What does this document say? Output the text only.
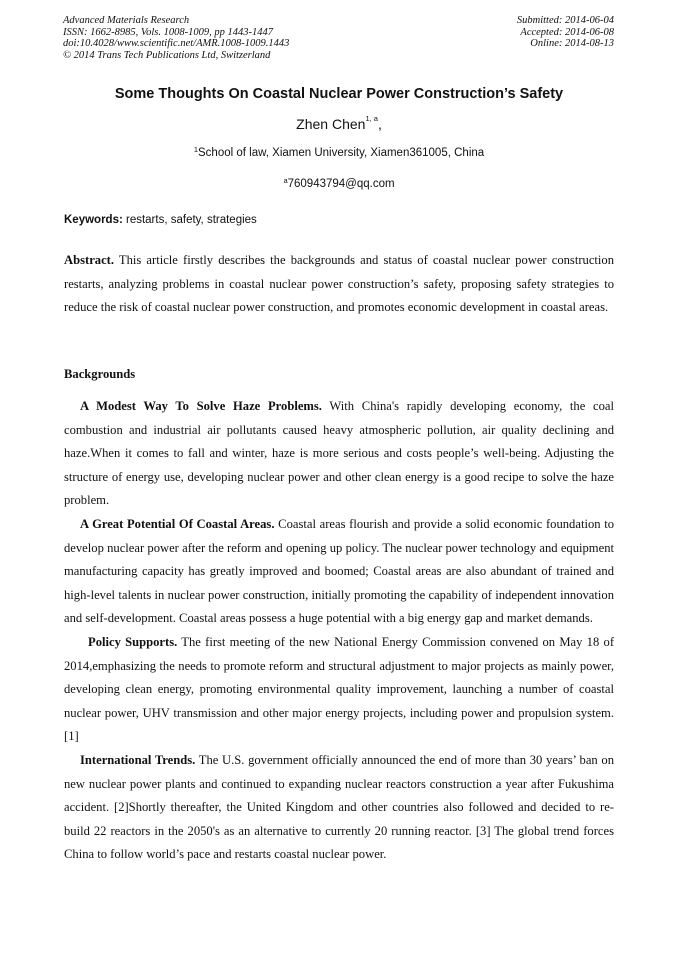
Advanced Materials Research
ISSN: 1662-8985, Vols. 1008-1009, pp 1443-1447
doi:10.4028/www.scientific.net/AMR.1008-1009.1443
© 2014 Trans Tech Publications Ltd, Switzerland
Submitted: 2014-06-04
Accepted: 2014-06-08
Online: 2014-08-13
Some Thoughts On Coastal Nuclear Power Construction’s Safety
Zhen Chen$^{1, a}$,
$^1$School of law, Xiamen University, Xiamen361005, China
$^a$760943794@qq.com
Keywords: restarts, safety, strategies
Abstract. This article firstly describes the backgrounds and status of coastal nuclear power construction restarts, analyzing problems in coastal nuclear power construction’s safety, proposing safety strategies to reduce the risk of coastal nuclear power construction, and promotes economic development in coastal areas.
Backgrounds

A Modest Way To Solve Haze Problems. With China's rapidly developing economy, the coal combustion and industrial air pollutants caused heavy atmospheric pollution, air quality declining and haze.When it comes to fall and winter, haze is more serious and costs people’s well-being. Adjusting the structure of energy use, developing nuclear power and other clean energy is a good recipe to solve the haze problem.

A Great Potential Of Coastal Areas. Coastal areas flourish and provide a solid economic foundation to develop nuclear power after the reform and opening up policy. The nuclear power technology and equipment manufacturing capacity has greatly improved and boomed; Coastal areas are also abundant of trained and high-level talents in nuclear power construction, initially promoting the capability of independent innovation and self-development. Coastal areas possess a huge potential with a big energy gap and market demands.

Policy Supports. The first meeting of the new National Energy Commission convened on May 18 of 2014,emphasizing the needs to promote reform and structural adjustment to major projects as mainly power, developing clean energy, promoting environmental quality improvement, launching a number of coastal nuclear power, UHV transmission and other major energy projects, including power and propulsion system.[1]

International Trends. The U.S. government officially announced the end of more than 30 years’ ban on new nuclear power plants and continued to expanding nuclear reactors construction a year after Fukushima accident. [2]Shortly thereafter, the United Kingdom and other countries also followed and decided to re-build 22 reactors in the 2050's as an alternative to currently 20 running reactor. [3] The global trend forces China to follow world’s pace and restarts coastal nuclear power.
